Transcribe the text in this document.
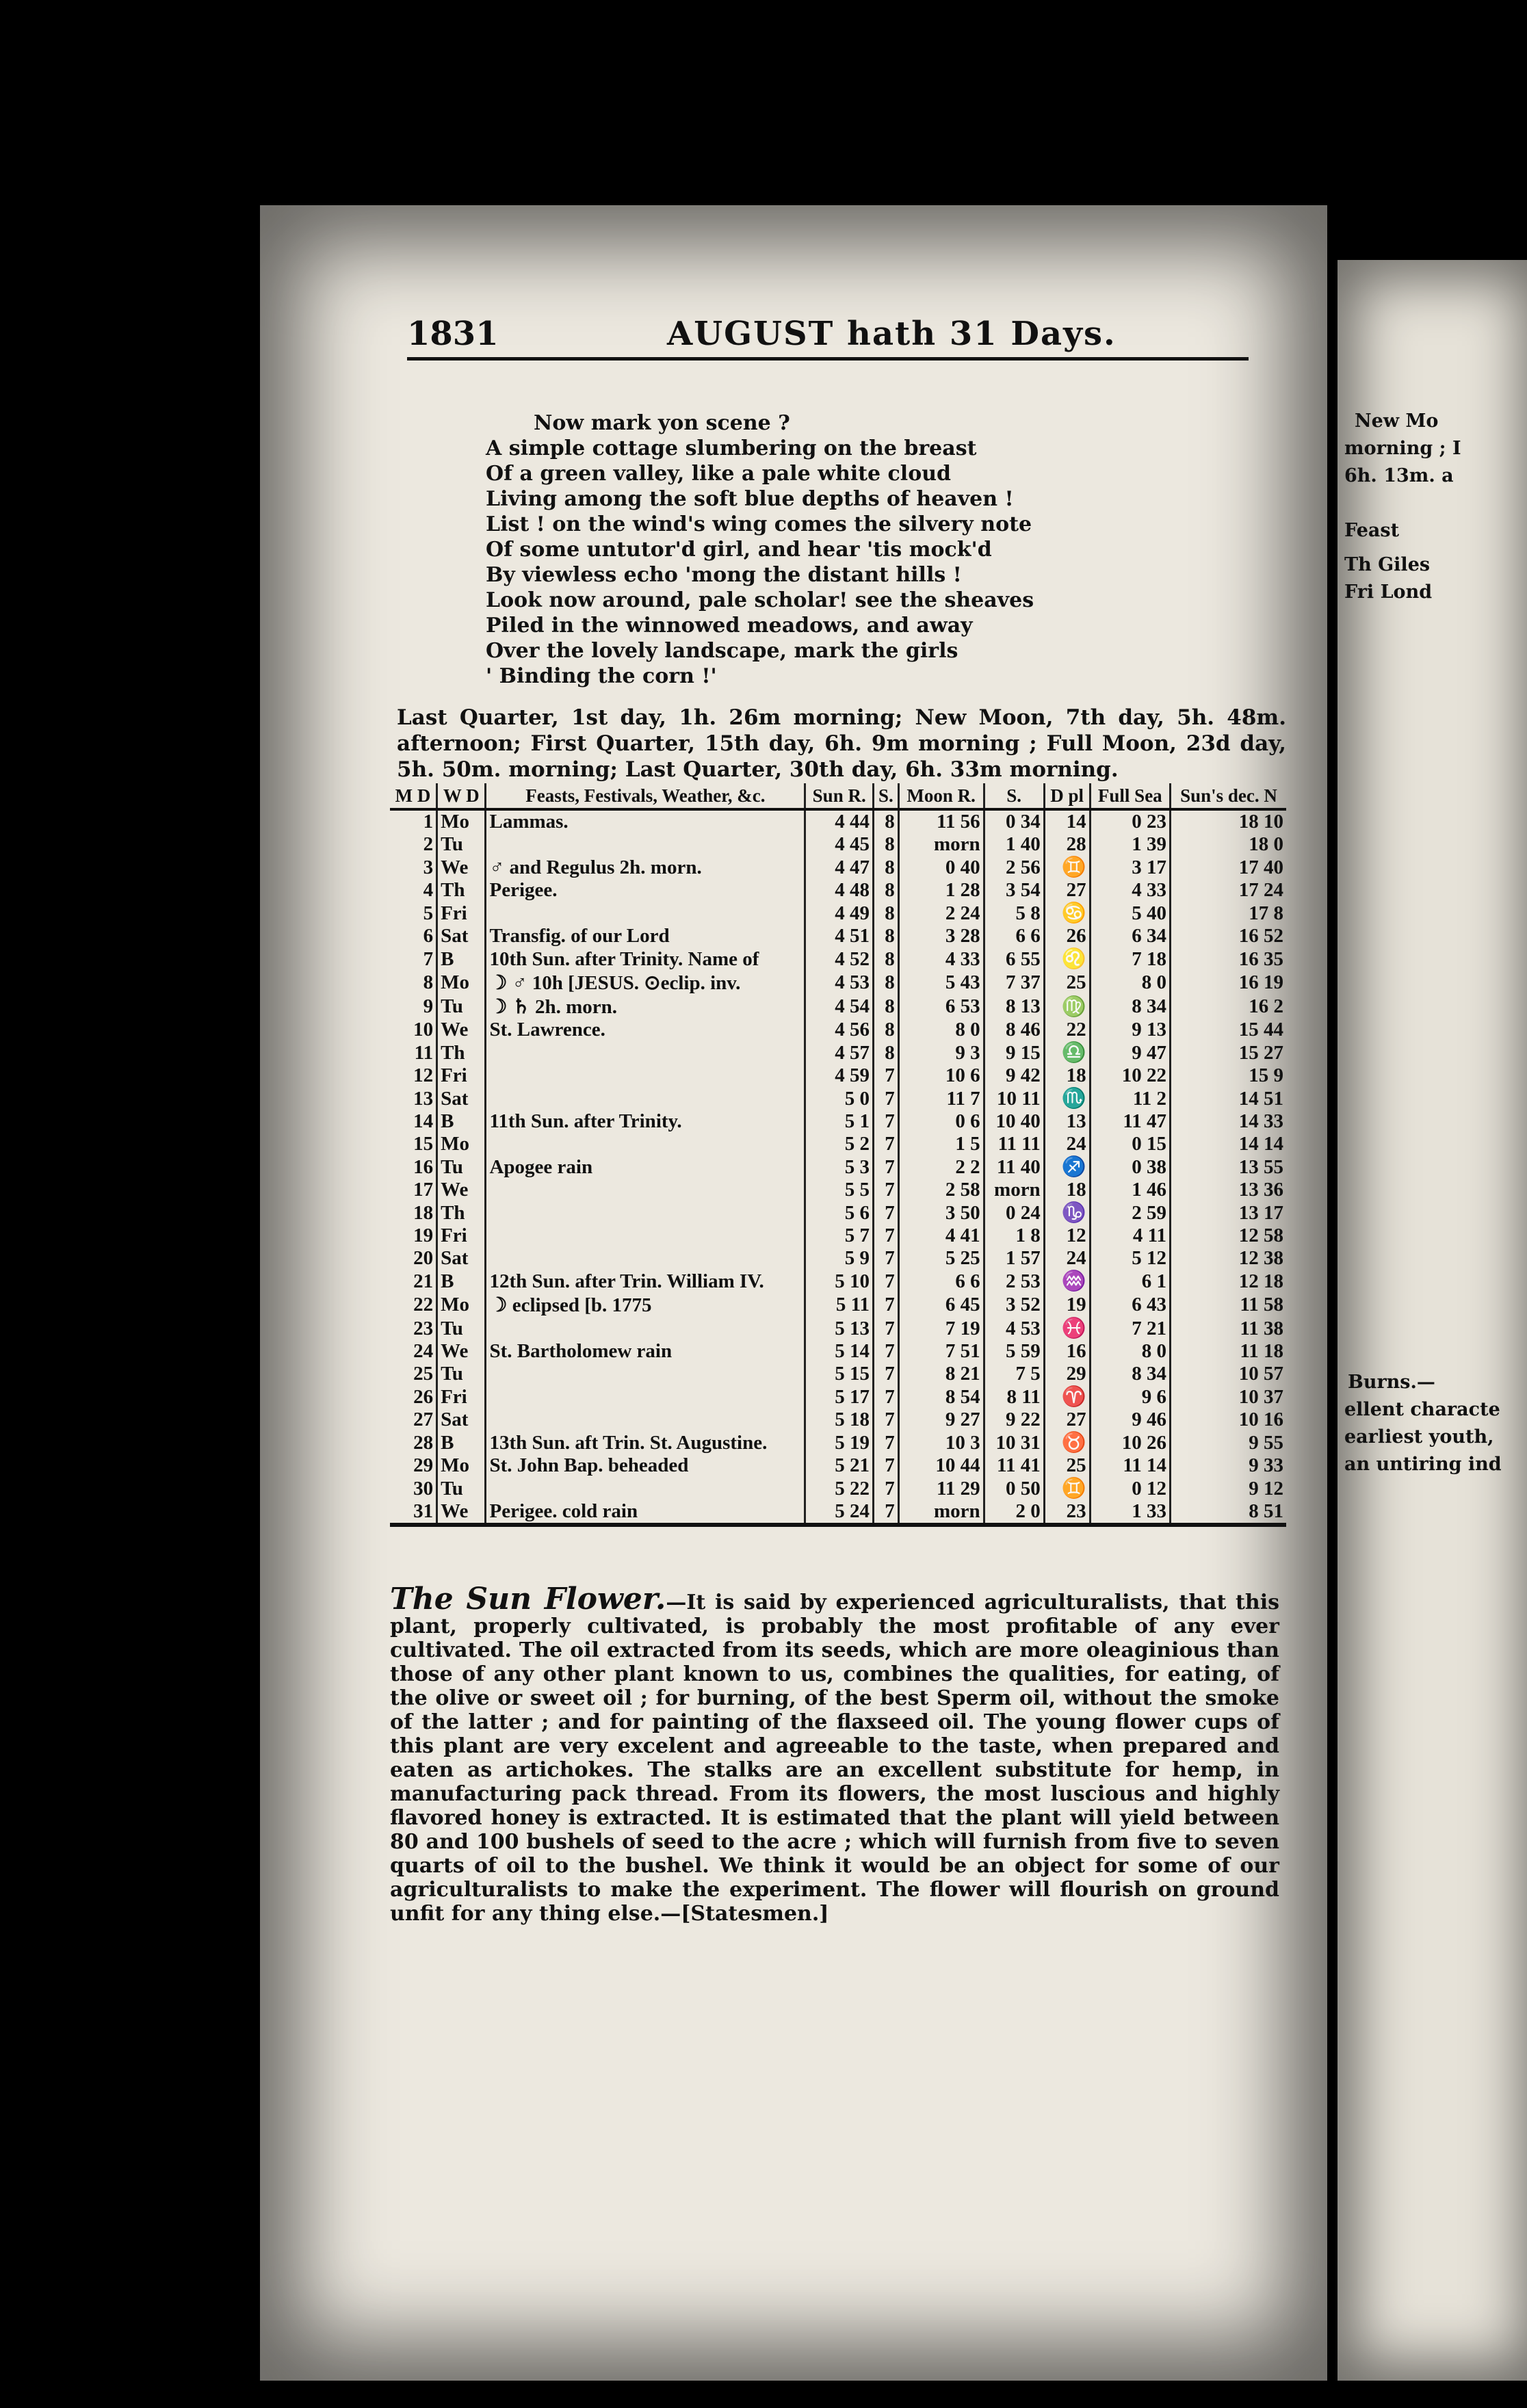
1831	AUGUST hath 31 Days.
Now mark yon scene ?
A simple cottage slumbering on the breast
Of a green valley, like a pale white cloud
Living among the soft blue depths of heaven !
List ! on the wind's wing comes the silvery note
Of some untutor'd girl, and hear 'tis mock'd
By viewless echo 'mong the distant hills !
Look now around, pale scholar! see the sheaves
Piled in the winnowed meadows, and away
Over the lovely landscape, mark the girls
' Binding the corn !'
Last Quarter, 1st day, 1h. 26m morning; New Moon, 7th day, 5h. 48m. afternoon; First Quarter, 15th day, 6h. 9m morning ; Full Moon, 23d day, 5h. 50m. morning; Last Quarter, 30th day, 6h. 33m morning.
M D	W D	Feasts, Festivals, Weather, &c.	Sun R.	S.	Moon R.	S.	D pl	Full Sea	Sun's dec. N
1	Mo	Lammas.	4 44	8	11 56	0 34	14	0 23	18 10
2	Tu		4 45	8	morn	1 40	28	1 39	18 0
3	We	♂ and Regulus 2h. morn.	4 47	8	0 40	2 56	♊	3 17	17 40
4	Th	Perigee.	4 48	8	1 28	3 54	27	4 33	17 24
5	Fri		4 49	8	2 24	5 8	♋	5 40	17 8
6	Sat	Transfig. of our Lord	4 51	8	3 28	6 6	26	6 34	16 52
7	B	10th Sun. after Trinity. Name of	4 52	8	4 33	6 55	♌	7 18	16 35
8	Mo	☽ ♂ 10h [JESUS. ⊙eclip. inv.	4 53	8	5 43	7 37	25	8 0	16 19
9	Tu	☽ ♄ 2h. morn.	4 54	8	6 53	8 13	♍	8 34	16 2
10	We	St. Lawrence.	4 56	8	8 0	8 46	22	9 13	15 44
11	Th		4 57	8	9 3	9 15	♎	9 47	15 27
12	Fri		4 59	7	10 6	9 42	18	10 22	15 9
13	Sat		5 0	7	11 7	10 11	♏	11 2	14 51
14	B	11th Sun. after Trinity.	5 1	7	0 6	10 40	13	11 47	14 33
15	Mo		5 2	7	1 5	11 11	24	0 15	14 14
16	Tu	Apogee rain	5 3	7	2 2	11 40	♐	0 38	13 55
17	We		5 5	7	2 58	morn	18	1 46	13 36
18	Th		5 6	7	3 50	0 24	♑	2 59	13 17
19	Fri		5 7	7	4 41	1 8	12	4 11	12 58
20	Sat		5 9	7	5 25	1 57	24	5 12	12 38
21	B	12th Sun. after Trin. William IV.	5 10	7	6 6	2 53	♒	6 1	12 18
22	Mo	☽ eclipsed [b. 1775	5 11	7	6 45	3 52	19	6 43	11 58
23	Tu		5 13	7	7 19	4 53	♓	7 21	11 38
24	We	St. Bartholomew rain	5 14	7	7 51	5 59	16	8 0	11 18
25	Tu		5 15	7	8 21	7 5	29	8 34	10 57
26	Fri		5 17	7	8 54	8 11	♈	9 6	10 37
27	Sat		5 18	7	9 27	9 22	27	9 46	10 16
28	B	13th Sun. aft Trin. St. Augustine.	5 19	7	10 3	10 31	♉	10 26	9 55
29	Mo	St. John Bap. beheaded	5 21	7	10 44	11 41	25	11 14	9 33
30	Tu		5 22	7	11 29	0 50	♊	0 12	9 12
31	We	Perigee. cold rain	5 24	7	morn	2 0	23	1 33	8 51
The Sun Flower.—It is said by experienced agriculturalists, that this plant, properly cultivated, is probably the most profitable of any ever cultivated. The oil extracted from its seeds, which are more oleaginious than those of any other plant known to us, combines the qualities, for eating, of the olive or sweet oil ; for burning, of the best Sperm oil, without the smoke of the latter ; and for painting of the flaxseed oil. The young flower cups of this plant are very excelent and agreeable to the taste, when prepared and eaten as artichokes. The stalks are an excellent substitute for hemp, in manufacturing pack thread. From its flowers, the most luscious and highly flavored honey is extracted. It is estimated that the plant will yield between 80 and 100 bushels of seed to the acre ; which will furnish from five to seven quarts of oil to the bushel. We think it would be an object for some of our agriculturalists to make the experiment. The flower will flourish on ground unfit for any thing else.—[Statesmen.]
New Mo
morning ; I
6h. 13m. a
Feast
Th Giles
Fri Lond
Burns.—
ellent characte
earliest youth,
an untiring ind
